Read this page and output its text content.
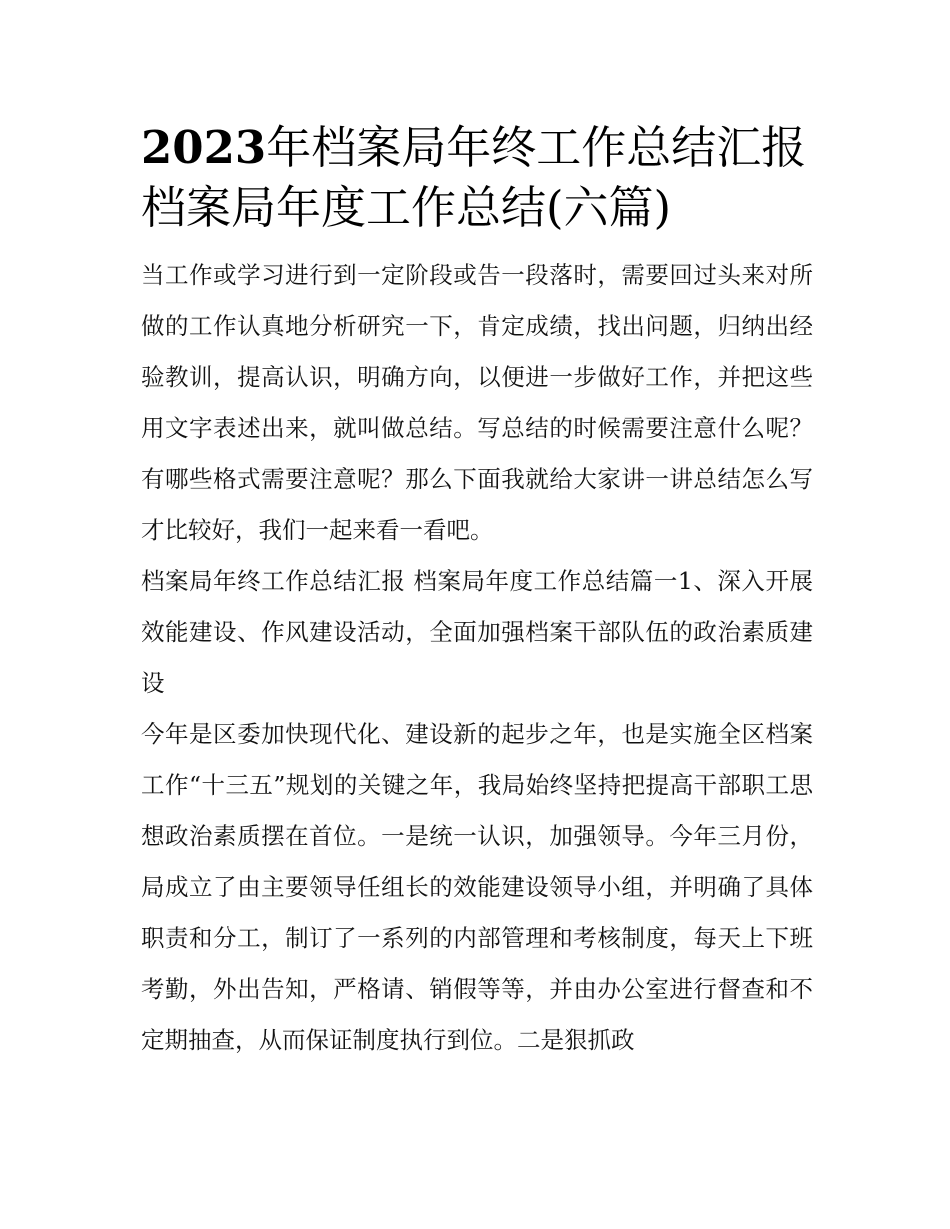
2023年档案局年终工作总结汇报 档案局年度工作总结(六篇)

当工作或学习进行到一定阶段或告一段落时，需要回过头来对所做的工作认真地分析研究一下，肯定成绩，找出问题，归纳出经验教训，提高认识，明确方向，以便进一步做好工作，并把这些用文字表述出来，就叫做总结。写总结的时候需要注意什么呢？有哪些格式需要注意呢？那么下面我就给大家讲一讲总结怎么写才比较好，我们一起来看一看吧。

档案局年终工作总结汇报 档案局年度工作总结篇一1、深入开展效能建设、作风建设活动，全面加强档案干部队伍的政治素质建设

今年是区委加快现代化、建设新的起步之年，也是实施全区档案工作“十三五”规划的关键之年，我局始终坚持把提高干部职工思想政治素质摆在首位。一是统一认识，加强领导。今年三月份，局成立了由主要领导任组长的效能建设领导小组，并明确了具体职责和分工，制订了一系列的内部管理和考核制度，每天上下班考勤，外出告知，严格请、销假等等，并由办公室进行督查和不定期抽查，从而保证制度执行到位。二是狠抓政
